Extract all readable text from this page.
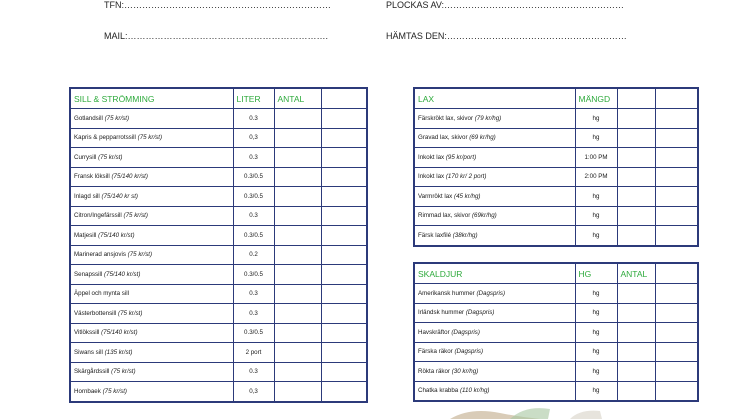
TFN:……………………………………………………………
MAIL:………………………………………………………….
PLOCKAS AV:……………………………………………………
HÄMTAS DEN:……………………………………………………
SILL & STRÖMMING	LITER	ANTAL	
Gotlandsill (75 kr/st)	0.3		
Kapris & pepparrotssill (75 kr/st)	0,3		
Currysill (75 kr/st)	0.3		
Fransk löksill (75/140 kr/st)	0.3/0.5		
Inlagd sill (75/140 kr st)	0.3/0.5		
Citron/Ingefärssill (75 kr/st)	0.3		
Matjesill (75/140 kr/st)	0.3/0.5		
Marinerad ansjovis (75 kr/st)	0.2		
Senapssill (75/140 kr/st)	0.3/0.5		
Äppel och mynta sill	0.3		
Västerbottensill (75 kr/st)	0.3		
Vitlökssill (75/140 kr/st)	0.3/0.5		
Siwans sill (135 kr/st)	2 port		
Skärgårdssill (75 kr/st)	0.3		
Hornbaek (75 kr/st)	0,3		
LAX	MÄNGD		
Färskrökt lax, skivor (79 kr/hg)	hg		
Gravad lax, skivor (69 kr/hg)	hg		
Inkokt lax (95 kr/port)	1:00 PM		
Inkokt lax (170 kr/ 2 port)	2:00 PM		
Varmrökt lax (45 kr/hg)	hg		
Rimmad lax, skivor (69kr/hg)	hg		
Färsk laxfilé (38kr/hg)	hg		
SKALDJUR	HG	ANTAL	
Amerikansk hummer (Dagspris)	hg		
Irländsk hummer (Dagspris)	hg		
Havskräftor (Dagspris)	hg		
Färska räkor (Dagspris)	hg		
Rökta räkor (30 kr/hg)	hg		
Chatka krabba (110 kr/hg)	hg		
